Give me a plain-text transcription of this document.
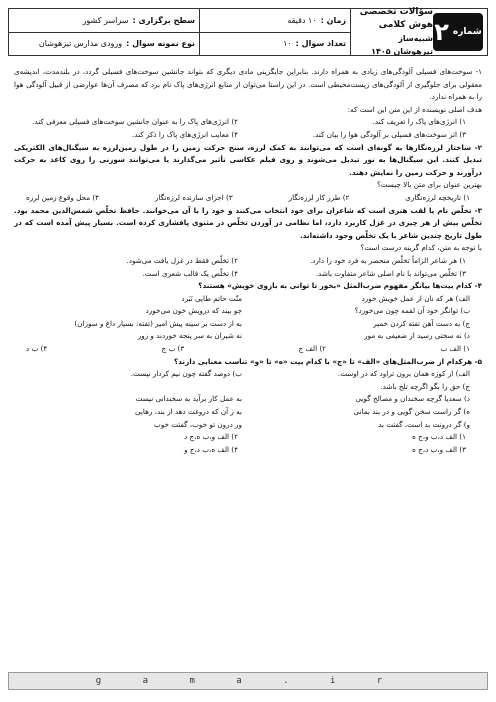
سطح برگزاری :
سراسر کشور
نوع نمونه سوال :
ورودی مدارس تیزهوشان
زمان :
۱۰ دقیقه
تعداد سوال :
۱۰
سؤالات تخصصی هوش کلامی
شبیه‌ساز تیزهوشان ۱۴۰۵
شماره
۲

۱- سوخت‌های فسیلی آلودگی‌های زیادی به همراه دارند. بنابراین جایگزینی مادی دیگری که بتواند جانشین سوخت‌های فسیلی گردد، در بلندمدت، اندیشه‌ی معقولی برای جلوگیری از آلودگی‌های زیست‌محیطی است. در این راستا می‌توان از منابع انرژی‌های پاک نام برد که مصرف آن‌ها عوارضی از قبیل آلودگی هوا را به همراه ندارد.

هدف اصلی نویسنده از این متن این است که:

۱) انرژی‌های پاک را تعریف کند.
۲) انرژی‌های پاک را به عنوان جانشین سوخت‌های فسیلی معرفی کند.
۳) اثر سوخت‌های فسیلی بر آلودگی هوا را بیان کند.
۴) معایب انرژی‌های پاک را ذکر کند.

۲- ساختار لرزه‌نگارها به گونه‌ای است که می‌توانند به کمک لرزه، سنج حرکت زمین را در طول زمین‌لرزه به سیگنال‌های الکتریکی تبدیل کنند. این سیگنال‌ها به نور تبدیل می‌شوند و روی فیلم عکاسی تأثیر می‌گذارند یا می‌توانند سوزنی را روی کاغذ به حرکت درآورند و حرکت زمین را نمایش دهند.

بهترین عنوان برای متن بالا چیست؟

۱) تاریخچه لرزه‌نگاری
۲) طرز کار لرزه‌نگار
۳) اجزای سازنده لرزه‌نگار
۴) محل وقوع زمین لرزه

۳- تخلّص نام یا لقب هنری است که شاعران برای خود انتخاب می‌کنند و خود را با آن می‌خوانند. حافظ تخلّص شمس‌الدین محمد بود. تخلّص بیش از هر چیزی در غزل کاربرد دارد، اما نظامی در آوردن تخلّص در مثنوی پافشاری کرده است. بسیار پیش آمده است که در طول تاریخ چندین شاعر با یک تخلّص وجود داشته‌اند.

با توجه به متن، کدام گزینه درست است؟

۱) هر شاعر الزاماً تخلّص منحصر به فرد خود را دارد.
۲) تخلّص فقط در غزل یافت می‌شود.
۳) تخلّص می‌تواند با نام اصلی شاعر متفاوت باشد.
۴) تخلّص یک قالب شعری است.

۴- کدام بیت‌ها بیانگر مفهوم ضرب‌المثل «بخور تا توانی به بازوی خویش» هستند؟

الف) هر که نان از عمل خویش خورد
منّت حاتم طایی نَبَرد
ب) توانگر خود آن لقمه چون می‌خورد؟
چو بیند که درویش خون می‌خورد
ج) به دست آهن تفته کردن خمیر
به از دست بر سینه پیش امیر (تفته: بسیار داغ و سوزان)
د) نه سختی رسید از ضعیفی به مور
نه شیران به سر پنجه خوردند و زور
۱) الف ب
۲) الف ج
۳) ب ج
۴) ب د

۵- هرکدام از ضرب‌المثل‌های «الف» تا «ج» با کدام بیت «ه» تا «و» تناسب معنایی دارند؟

الف) از کوزه همان برون تراود که در اوست.
ب) دوصد گفته چون نیم کردار نیست.
ج) حق را بگو اگرچه تلخ باشد.
د) سعدیا گرچه سخندان و مصالح گویی
به عمل کار برآید به سخندانی نیست
ه) گر راست سخن گویی و در بند بمانی
به ز آن که دروغت دهد از بند، رهایی
و) گر درونت بد است، گفتت بد
ور درون تو خوب، گفتت خوب
۱) الف د،ب و،ج ه
۲) الف و،ب ه،ج د
۳) الف و،ب د،ج ه
۴) الف ه،ب د،ج و
g a m a . i r
